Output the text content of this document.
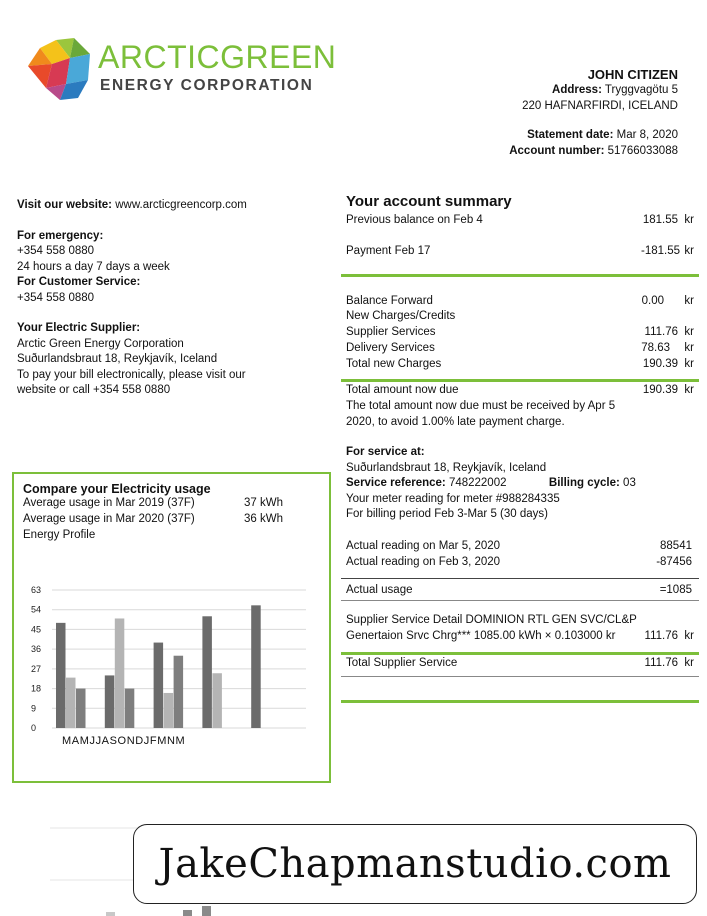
ARCTICGREEN
ENERGY CORPORATION
JOHN CITIZEN
Address: Tryggvagötu 5
220 HAFNARFIRDI, ICELAND
Statement date: Mar 8, 2020
Account number: 51766033088
Visit our website: www.arcticgreencorp.com
For emergency:
+354 558 0880
24 hours a day 7 days a week
For Customer Service:
+354 558 0880
Your Electric Supplier:
Arctic Green Energy Corporation
Suðurlandsbraut 18, Reykjavík, Iceland
To pay your bill electronically, please visit our
website or call +354 558 0880
Your account summary
Previous balance on Feb 4	181.55 kr
Payment Feb 17	-181.55 kr
Balance Forward	0.00 kr
New Charges/Credits
Supplier Services	111.76 kr
Delivery Services	78.63 kr
Total new Charges	190.39 kr
Total amount now due	190.39 kr
The total amount now due must be received by Apr 5
2020, to avoid 1.00% late payment charge.
For service at:
Suðurlandsbraut 18, Reykjavík, Iceland
Service reference: 748222002	Billing cycle: 03
Your meter reading for meter #988284335
For billing period Feb 3-Mar 5 (30 days)
Actual reading on Mar 5, 2020	88541
Actual reading on Feb 3, 2020	-87456
Actual usage	=1085
Supplier Service Detail DOMINION RTL GEN SVC/CL&P
Genertaion Srvc Chrg*** 1085.00 kWh × 0.103000 kr	111.76 kr
Total Supplier Service	111.76 kr
Compare your Electricity usage
Average usage in Mar 2019 (37F)	37 kWh
Average usage in Mar 2020 (37F)	36 kWh
Energy Profile
63
54
45
36
27
18
9
0
MAMJJASONDJFMNM
JakeChapmanstudio.com
